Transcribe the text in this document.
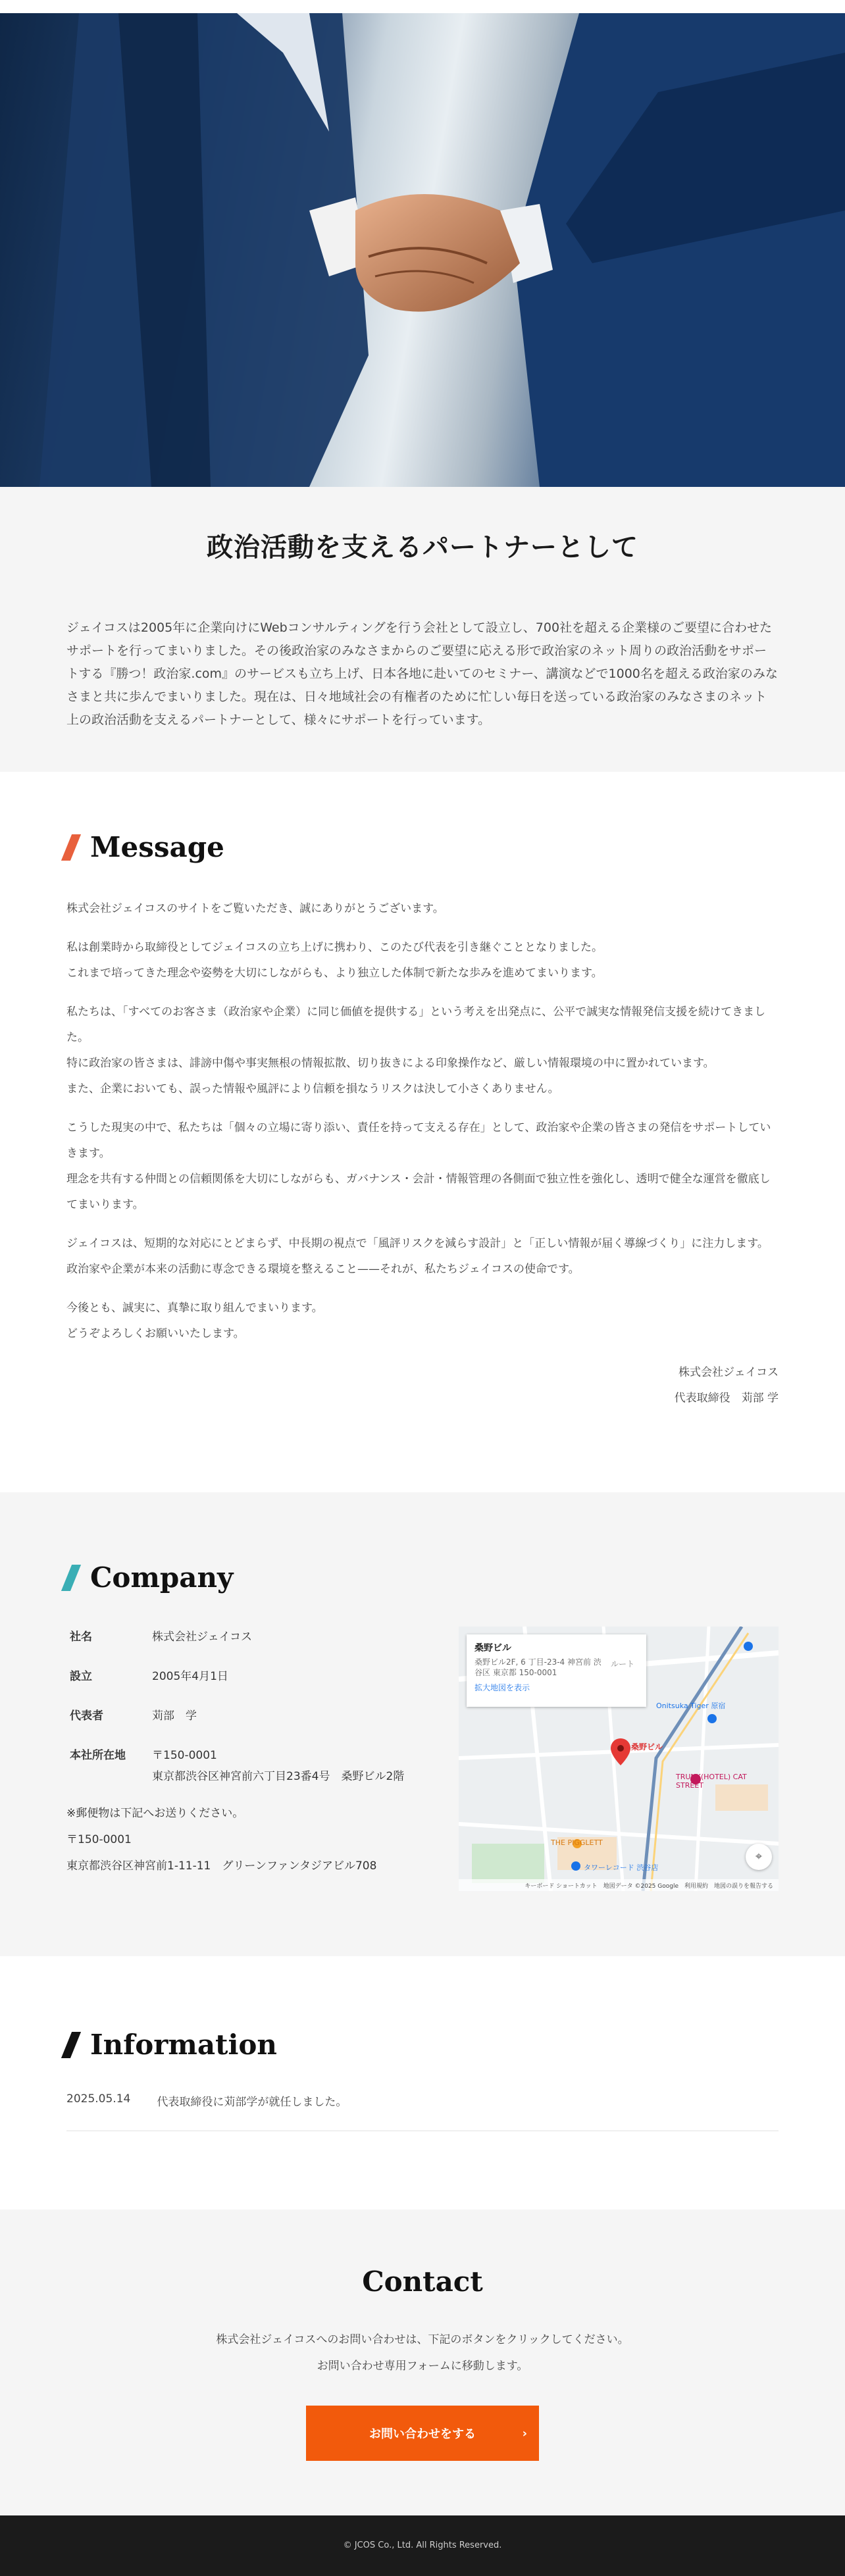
政治活動を支えるパートナーとして

ジェイコスは2005年に企業向けにWebコンサルティングを行う会社として設立し、700社を超える企業様のご要望に合わせたサポートを行ってまいりました。その後政治家のみなさまからのご要望に応える形で政治家のネット周りの政治活動をサポートする『勝つ！政治家.com』のサービスも立ち上げ、日本各地に赴いてのセミナー、講演などで1000名を超える政治家のみなさまと共に歩んでまいりました。現在は、日々地域社会の有権者のために忙しい毎日を送っている政治家のみなさまのネット上の政治活動を支えるパートナーとして、様々にサポートを行っています。

Message
株式会社ジェイコスのサイトをご覧いただき、誠にありがとうございます。
私は創業時から取締役としてジェイコスの立ち上げに携わり、このたび代表を引き継ぐこととなりました。
これまで培ってきた理念や姿勢を大切にしながらも、より独立した体制で新たな歩みを進めてまいります。
私たちは、「すべてのお客さま（政治家や企業）に同じ価値を提供する」という考えを出発点に、公平で誠実な情報発信支援を続けてきました。
特に政治家の皆さまは、誹謗中傷や事実無根の情報拡散、切り抜きによる印象操作など、厳しい情報環境の中に置かれています。
また、企業においても、誤った情報や風評により信頼を損なうリスクは決して小さくありません。
こうした現実の中で、私たちは「個々の立場に寄り添い、責任を持って支える存在」として、政治家や企業の皆さまの発信をサポートしていきます。
理念を共有する仲間との信頼関係を大切にしながらも、ガバナンス・会計・情報管理の各側面で独立性を強化し、透明で健全な運営を徹底してまいります。
ジェイコスは、短期的な対応にとどまらず、中長期の視点で「風評リスクを減らす設計」と「正しい情報が届く導線づくり」に注力します。
政治家や企業が本来の活動に専念できる環境を整えること——それが、私たちジェイコスの使命です。
今後とも、誠実に、真摯に取り組んでまいります。
どうぞよろしくお願いいたします。
株式会社ジェイコス
代表取締役　苅部 学
Company
社名	株式会社ジェイコス
設立	2005年4月1日
代表者	苅部　学
本社所在地	〒150-0001
東京都渋谷区神宮前六丁目23番4号　桑野ビル2階
※郵便物は下記へお送りください。
〒150-0001
東京都渋谷区神宮前1-11-11　グリーンファンタジアビル708
桑野ビル
桑野ビル2F, 6 丁目-23-4 神宮前 渋谷区 東京都 150-0001
ルート
拡大地図を表示
桑野ビル
Onitsuka Tiger 原宿
TRUNK(HOTEL) CAT STREET
THE PIGGLETT
タワーレコード 渋谷店
⌖
キーボード ショートカット　地図データ ©2025 Google　利用規約　地図の誤りを報告する
Information
2025.05.14 代表取締役に苅部学が就任しました。
Contact

株式会社ジェイコスへのお問い合わせは、下記のボタンをクリックしてください。
お問い合わせ専用フォームに移動します。

お問い合わせをする	›
© JCOS Co., Ltd. All Rights Reserved.
